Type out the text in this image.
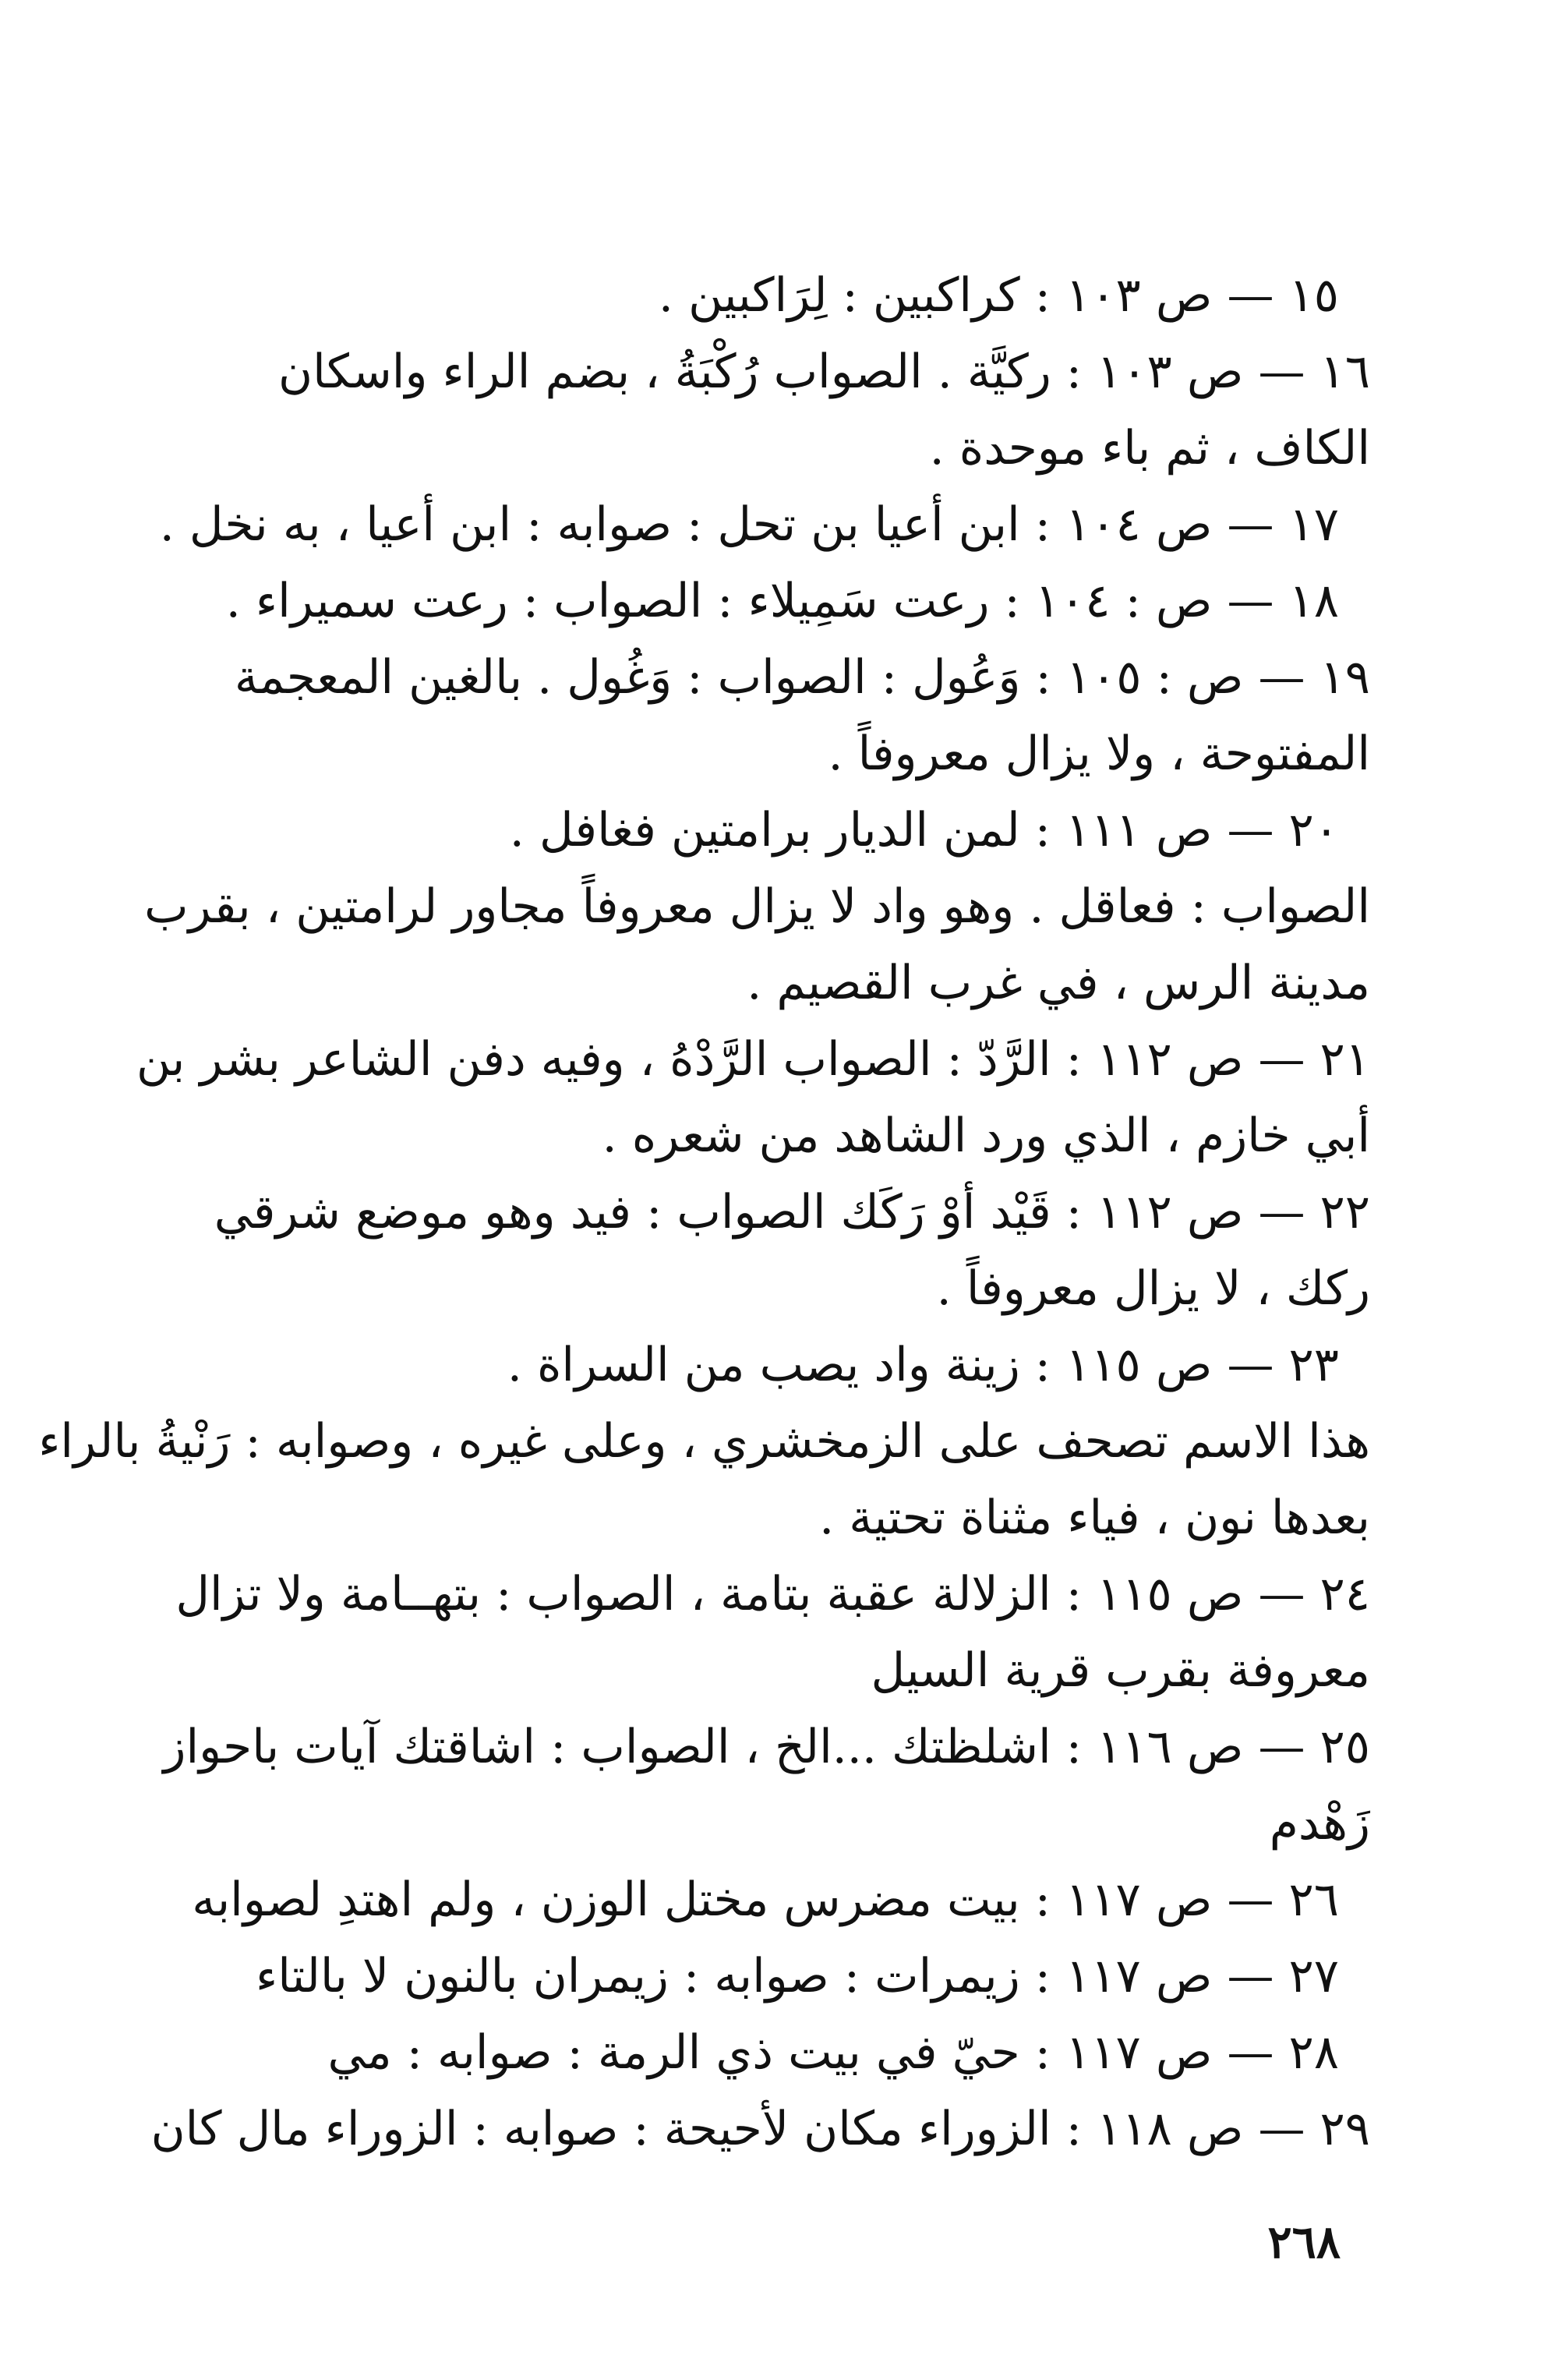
١٥ — ص ١٠٣ : كراكبين : لِرَاكبين .
١٦ — ص ١٠٣ : ركيَّة . الصواب رُكْبَةُ ، بضم الراء واسكان
الكاف ، ثم باء موحدة .
١٧ — ص ١٠٤ : ابن أعيا بن تحل : صوابه : ابن أعيا ، به نخل .
١٨ — ص : ١٠٤ : رعت سَمِيلاء : الصواب : رعت سميراء .
١٩ — ص : ١٠٥ : وَعُول : الصواب : وَغُول . بالغين المعجمة
المفتوحة ، ولا يزال معروفاً .
٢٠ — ص ١١١ : لمن الديار برامتين فغافل .
الصواب : فعاقل . وهو واد لا يزال معروفاً مجاور لرامتين ، بقرب
مدينة الرس ، في غرب القصيم .
٢١ — ص ١١٢ : الرَّدّ : الصواب الرَّدْهُ ، وفيه دفن الشاعر بشر بن
أبي خازم ، الذي ورد الشاهد من شعره .
٢٢ — ص ١١٢ : قَيْد أوْ رَكَك الصواب : فيد وهو موضع شرقي
ركك ، لا يزال معروفاً .
٢٣ — ص ١١٥ : زينة واد يصب من السراة .
هذا الاسم تصحف على الزمخشري ، وعلى غيره ، وصوابه : رَنْيةُ بالراء
بعدها نون ، فياء مثناة تحتية .
٢٤ — ص ١١٥ : الزلالة عقبة بتامة ، الصواب : بتهــامة ولا تزال
معروفة بقرب قرية السيل
٢٥ — ص ١١٦ : اشلظتك ...الخ ، الصواب : اشاقتك آيات باحواز
زَهْدم
٢٦ — ص ١١٧ : بيت مضرس مختل الوزن ، ولم اهتدِ لصوابه
٢٧ — ص ١١٧ : زيمرات : صوابه : زيمران بالنون لا بالتاء
٢٨ — ص ١١٧ : حيّ في بيت ذي الرمة : صوابه : مي
٢٩ — ص ١١٨ : الزوراء مكان لأحيحة : صوابه : الزوراء مال كان
٢٦٨
